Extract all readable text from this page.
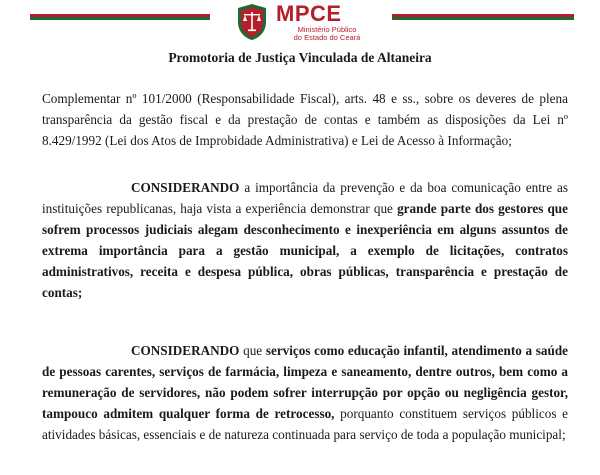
MPCE
Ministério Público
do Estado do Ceará
Promotoria de Justiça Vinculada de Altaneira

Complementar nº 101/2000 (Responsabilidade Fiscal), arts. 48 e ss., sobre os deveres de plena transparência da gestão fiscal e da prestação de contas e também as disposições da Lei nº 8.429/1992 (Lei dos Atos de Improbidade Administrativa) e Lei de Acesso à Informação;

CONSIDERANDO a importância da prevenção e da boa comunicação entre as instituições republicanas, haja vista a experiência demonstrar que grande parte dos gestores que sofrem processos judiciais alegam desconhecimento e inexperiência em alguns assuntos de extrema importância para a gestão municipal, a exemplo de licitações, contratos administrativos, receita e despesa pública, obras públicas, transparência e prestação de contas;

CONSIDERANDO que serviços como educação infantil, atendimento a saúde de pessoas carentes, serviços de farmácia, limpeza e saneamento, dentre outros, bem como a remuneração de servidores, não podem sofrer interrupção por opção ou negligência gestor, tampouco admitem qualquer forma de retrocesso, porquanto constituem serviços públicos e atividades básicas, essenciais e de natureza continuada para serviço de toda a população municipal;
